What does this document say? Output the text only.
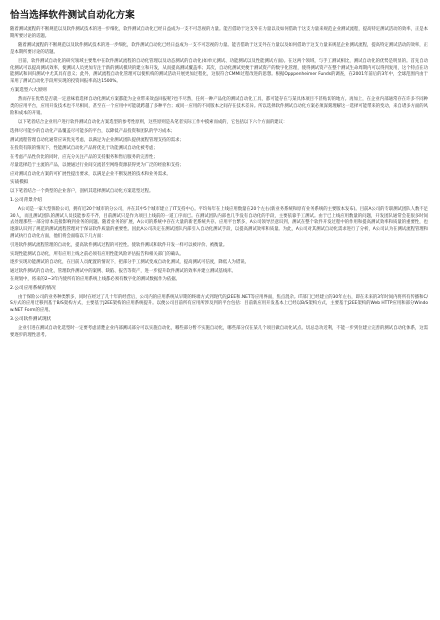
恰当选择软件测试自动化方案
随着测试流程的不断规范以及软件测试技术的进一步细化，软件测试自动化已经日益成为一支不可忽视的力量。能否借助于这支外在力量以及如何借助于这支力量来规范企业测试流程，提高特定测试活动的效率，正是本期所要讨论的话题。
随着测试流程的不断规范以及软件测试技术的进一步细化，软件测试自动化已经日益成为一支不可忽视的力量。能否借助于这支外在力量以及如何借助于这支力量来规范企业测试流程，提高特定测试活动的效率，正是本期所要讨论的话题。
目前，软件测试自动化的研究领域主要集中在软件测试流程的自动化管理以及动态测试的自动化(如单元测试、功能测试以及性能测试方面)。在这两个领域，与手工测试相比，测试自动化的优势是明显的。首先自动化测试可以提高测试效率，使测试人员更加专注于新的测试模块的建立和开发，从而提高测试覆盖率；其次，自动化测试更便于测试资产的数字化管理，使得测试资产在整个测试生命周期内可以得到复用，这个特点在功能测试和回归测试中尤其具有意义；此外，测试流程自动化管理可以使机构的测试活动开展更加过程化，这很符合CMMI过程改进的思想。根据Opppenheimer Funds的调查，在2001年前后的3年中，全球范围内由于采用了测试自动化手段所实现的投资回报率高达1500%。
方案选型六大原则
然而存在优势是否就一定意味着选择自动化测试方案都能为企业带来效益回报呢?也不尽然，任何一种产品化的测试自动化工具，都可能存在与某具体项目不甚贴切的地方。再加上，在企业内部通常存在许多不同种类的应用平台，应用开发技术也不尽相同，甚至在一个应用中可能就跨越了多种平台；或同一应用的不同版本之间存在技术差异。所以选择软件测试自动化方案必须深刻理解这一选择可能带来的变动，来自诸多方面的风险和成本的开销。
以下笔者结合企业用户进行软件测试自动化方案选型的参考性原则，这些原则是从笔者实际工作中摸索而成的，它包括以下六个方面的建议：
选择尽可能少的自动化产品覆盖尽可能多的平台，以降低产品投资和团队的学习成本；
测试流程管理自动化通常应该优先考虑，以满足为企业测试团队提供流程管理支持的需求；
在投资有限的情况下，性能测试自动化产品将优先于功能测试自动化被考虑；
在考虑产品性价比的同时，应充分关注产品的支持服务和售后服务的完善性；
尽量选择趋于主流的产品，以便通过行业间交流甚至网络资源获得更为广泛的经验和支持；
应对测试自动化方案的可扩展性提出要求，以满足企业不断发展的技术和业务需求。
实战模拟
以下笔者结合一个典型的企业客户，剖析其选择测试自动化方案选型过程。
1.公司背景介绍
A公司是一家大型保险公司，拥有近20个城市的分公司，并在其中5个城市建立了IT支持中心。平均每年在上线应用数量在20个左右(新业务系统和原有业务系统的主要版本发布)。目前A公司的专职测试团队人数不足30人，而且测试团队的测试人员技能参差不齐，目前测试只是作为项目上线前的一道工序而已。在测试团队内部也几乎没有自动化的手段，主要依靠手工测试。由于已上线应用数量的问题，开发团队通常会花很多时间去处理那些一部分原本直接影响到业务的问题。随着业务的扩展，A公司的系统中存在大量的新老系统共存。应用平台繁多，A公司领导层意识到，测试在整个软件开发过程中的作用和提高测试效率和质量的重要性，也逐渐认识到了规范的测试流程管理对于保证软件质量的重要性。因此A公司决定在测试团队内部引入自动化测试手段，以提高测试效率和质量。为此，A公司对其测试自动化需求进行了分析，A公司认为在测试流程管理和测试执行自动化方面，他们将会面临以下几方面：
引进软件测试流程管理的自动化，提高软件测试过程的可控性。使软件测试和软件开发一样可以被评价、被衡量。
实现性能测试自动化，所有应用上线之前必须有应用性能风险评估报告和相关部门的确认。
逐步实现功能测试的自动化，在目前人员配置的情况下，把部分手工测试变成自动化测试，提高测试可信度，降低人为错误。
通过软件测试的自动化，管理软件测试中的案例、缺陷、报告等资产，进一步提升软件测试的效率并建立测试基线库。
在规划中，将来的2~3年内使所有的应用系统上线都必须有数字化的测试数据作为依据。
2.公司应用系统的情况
由于保险公司的业务种类繁多，同时在经过了几十年的经营后，公司内的应用系统从早期的终端方式到现代的J2EE和.NET等应用界面，焦点混杂。IT部门已经建立的30年左右，即在未来的3年时间内将所有传播和C/S方式的应用迁移到基于B/S架构方式，主要基于J2EE架构的应用系统提升。以便公司目前所有应用所涉及到的平台包括：目前新应用开发基本上已经以B/S架构方式，主要基于J2EE架构的Web HTTP应用和部分Window.NET Form的应用。
3.公司软件测试现状
企业引进在测试自动化选型时一定要考虑清楚企业内部测试部分可以实施自动化，哪些部分暂不实施自动化，哪些部分仅在某几个项目做自动化试点。切忌急功近利，不能一步到位建立完善的测试自动化体系，这需要逐步的理性思考。
